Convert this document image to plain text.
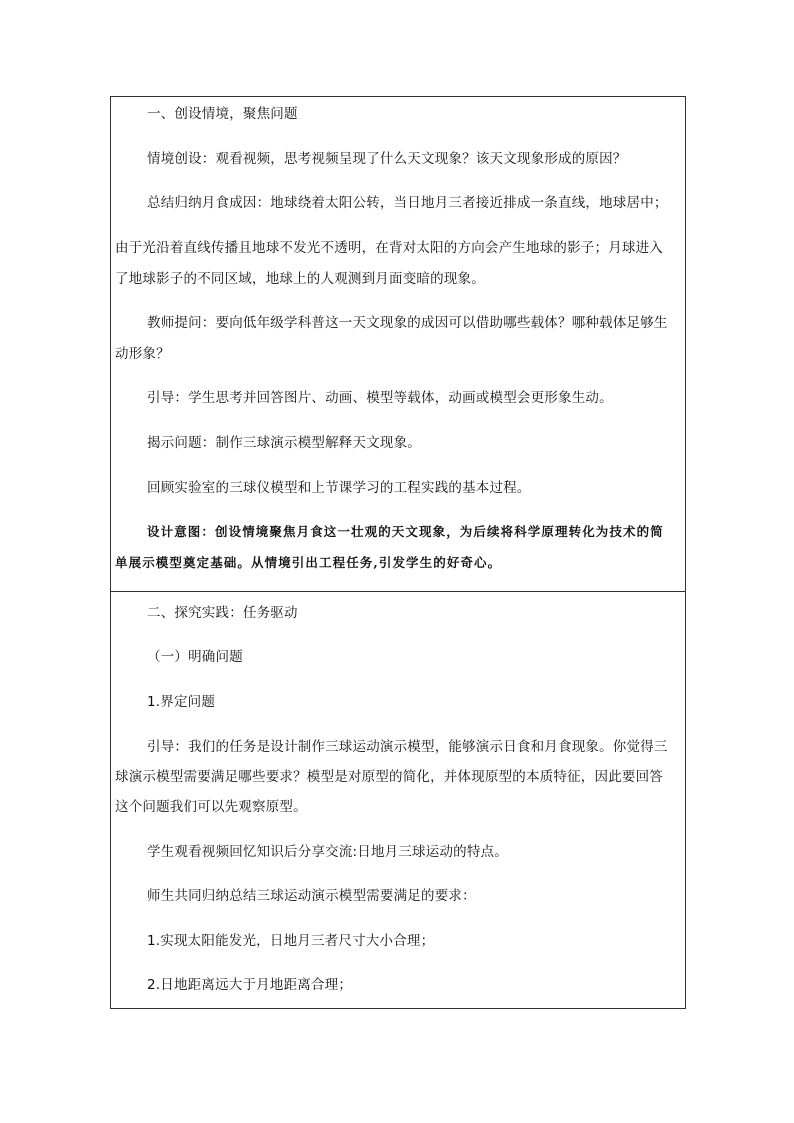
一、创设情境，聚焦问题
情境创设：观看视频，思考视频呈现了什么天文现象？该天文现象形成的原因？
总结归纳月食成因：地球绕着太阳公转，当日地月三者接近排成一条直线，地球居中；
由于光沿着直线传播且地球不发光不透明，在背对太阳的方向会产生地球的影子；月球进入
了地球影子的不同区域，地球上的人观测到月面变暗的现象。
教师提问：要向低年级学科普这一天文现象的成因可以借助哪些载体？哪种载体足够生
动形象？
引导：学生思考并回答图片、动画、模型等载体，动画或模型会更形象生动。
揭示问题：制作三球演示模型解释天文现象。
回顾实验室的三球仪模型和上节课学习的工程实践的基本过程。
设计意图：创设情境聚焦月食这一壮观的天文现象，为后续将科学原理转化为技术的简
单展示模型奠定基础。从情境引出工程任务,引发学生的好奇心。
二、探究实践：任务驱动
（一）明确问题
1.界定问题
引导：我们的任务是设计制作三球运动演示模型，能够演示日食和月食现象。你觉得三
球演示模型需要满足哪些要求？模型是对原型的简化，并体现原型的本质特征，因此要回答
这个问题我们可以先观察原型。
学生观看视频回忆知识后分享交流:日地月三球运动的特点。
师生共同归纳总结三球运动演示模型需要满足的要求：
1.实现太阳能发光，日地月三者尺寸大小合理；
2.日地距离远大于月地距离合理；
